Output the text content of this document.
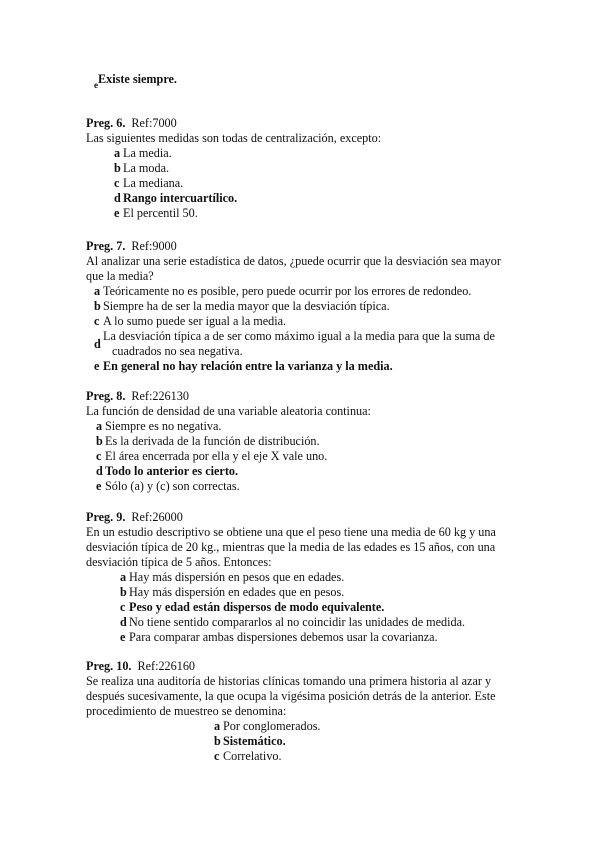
$_e$Existe siempre.
Preg. 6. Ref:7000
Las siguientes medidas son todas de centralización, excepto:
a La media.
b La moda.
c La mediana.
d Rango intercuartílico.
e El percentil 50.
Preg. 7. Ref:9000
Al analizar una serie estadística de datos, ¿puede ocurrir que la desviación sea mayor
que la media?
a Teóricamente no es posible, pero puede ocurrir por los errores de redondeo.
b Siempre ha de ser la media mayor que la desviación típica.
c A lo sumo puede ser igual a la media.
d
La desviación típica a de ser como máximo igual a la media para que la suma de
cuadrados no sea negativa.
e En general no hay relación entre la varianza y la media.
Preg. 8. Ref:226130
La función de densidad de una variable aleatoria continua:
a Siempre es no negativa.
b Es la derivada de la función de distribución.
c El área encerrada por ella y el eje X vale uno.
d Todo lo anterior es cierto.
e Sólo (a) y (c) son correctas.
Preg. 9. Ref:26000
En un estudio descriptivo se obtiene una que el peso tiene una media de 60 kg y una
desviación típica de 20 kg., mientras que la media de las edades es 15 años, con una
desviación típica de 5 años. Entonces:
a Hay más dispersión en pesos que en edades.
b Hay más dispersión en edades que en pesos.
c Peso y edad están dispersos de modo equivalente.
d No tiene sentido compararlos al no coincidir las unidades de medida.
e Para comparar ambas dispersiones debemos usar la covarianza.
Preg. 10. Ref:226160
Se realiza una auditoría de historias clínicas tomando una primera historia al azar y
después sucesivamente, la que ocupa la vigésima posición detrás de la anterior. Este
procedimiento de muestreo se denomina:
a Por conglomerados.
b Sistemático.
c Correlativo.
